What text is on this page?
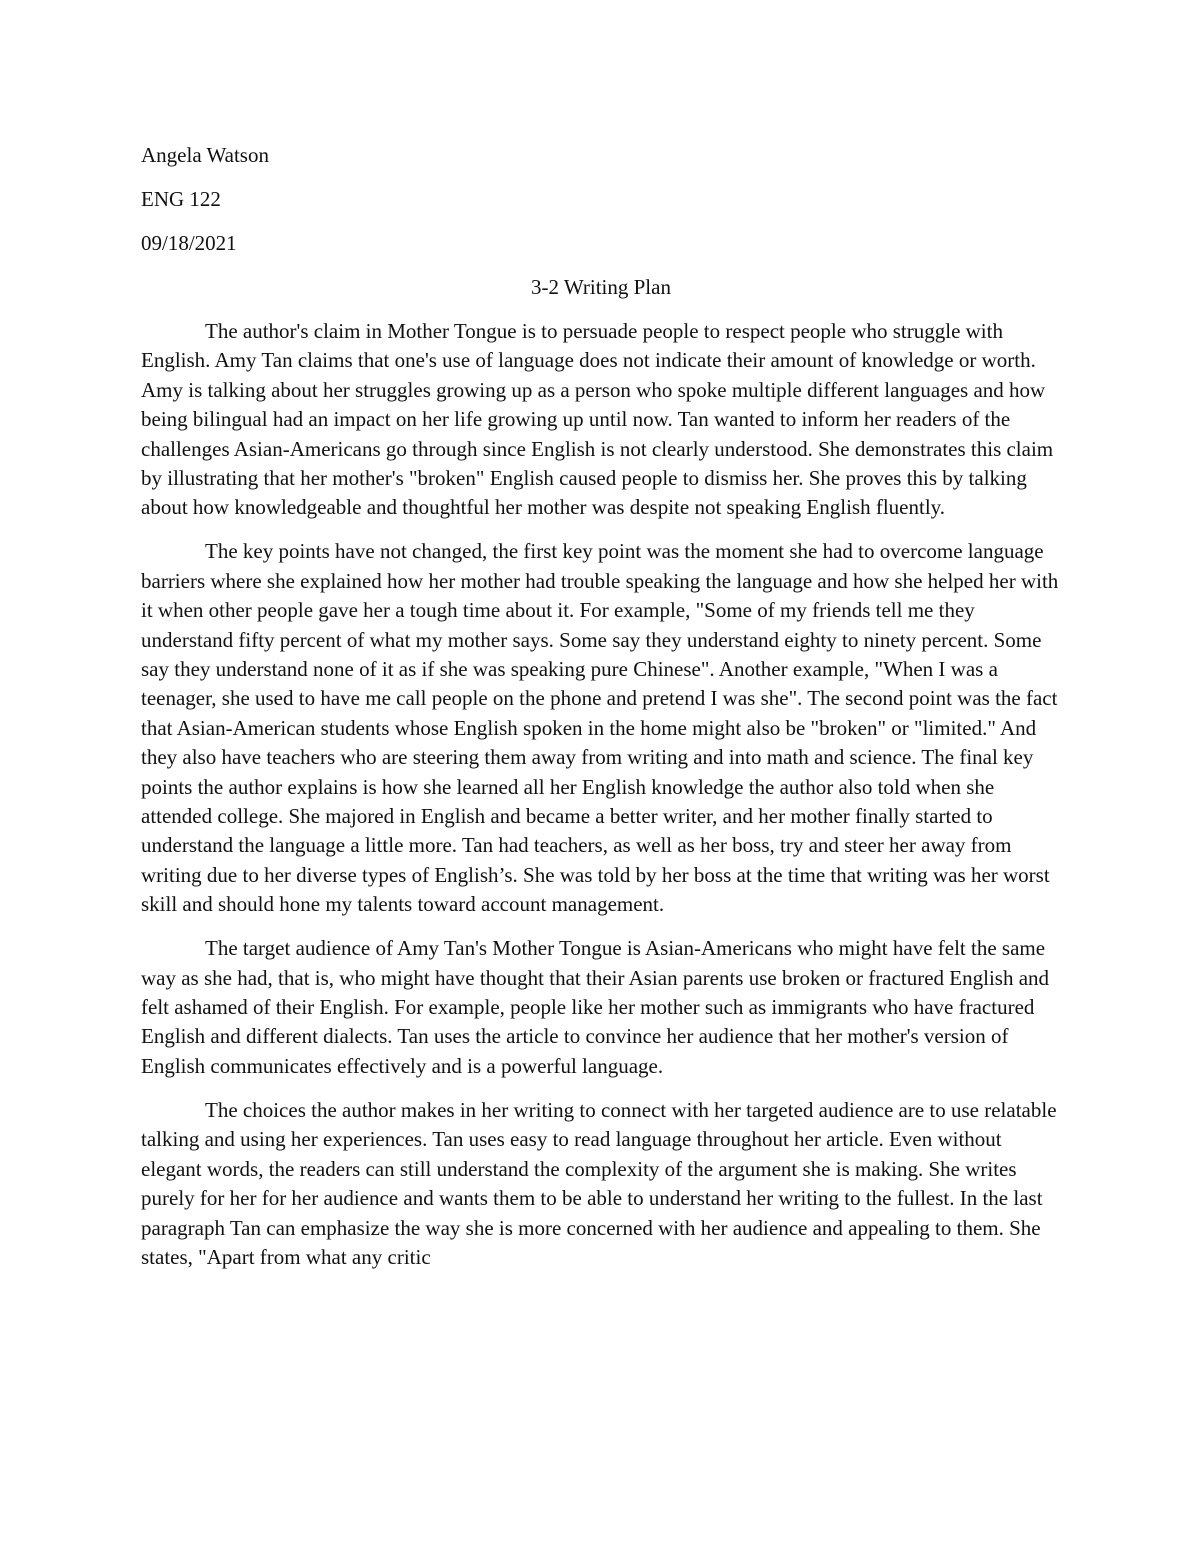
Angela Watson
ENG 122
09/18/2021
3-2 Writing Plan

The author's claim in Mother Tongue is to persuade people to respect people who struggle with English. Amy Tan claims that one's use of language does not indicate their amount of knowledge or worth. Amy is talking about her struggles growing up as a person who spoke multiple different languages and how being bilingual had an impact on her life growing up until now. Tan wanted to inform her readers of the challenges Asian-Americans go through since English is not clearly understood. She demonstrates this claim by illustrating that her mother's "broken" English caused people to dismiss her. She proves this by talking about how knowledgeable and thoughtful her mother was despite not speaking English fluently.

The key points have not changed, the first key point was the moment she had to overcome language barriers where she explained how her mother had trouble speaking the language and how she helped her with it when other people gave her a tough time about it. For example, "Some of my friends tell me they understand fifty percent of what my mother says. Some say they understand eighty to ninety percent. Some say they understand none of it as if she was speaking pure Chinese". Another example, "When I was a teenager, she used to have me call people on the phone and pretend I was she". The second point was the fact that Asian-American students whose English spoken in the home might also be "broken" or "limited." And they also have teachers who are steering them away from writing and into math and science. The final key points the author explains is how she learned all her English knowledge the author also told when she attended college. She majored in English and became a better writer, and her mother finally started to understand the language a little more. Tan had teachers, as well as her boss, try and steer her away from writing due to her diverse types of English’s. She was told by her boss at the time that writing was her worst skill and should hone my talents toward account management.

The target audience of Amy Tan's Mother Tongue is Asian-Americans who might have felt the same way as she had, that is, who might have thought that their Asian parents use broken or fractured English and felt ashamed of their English. For example, people like her mother such as immigrants who have fractured English and different dialects. Tan uses the article to convince her audience that her mother's version of English communicates effectively and is a powerful language.

The choices the author makes in her writing to connect with her targeted audience are to use relatable talking and using her experiences. Tan uses easy to read language throughout her article. Even without elegant words, the readers can still understand the complexity of the argument she is making. She writes purely for her for her audience and wants them to be able to understand her writing to the fullest. In the last paragraph Tan can emphasize the way she is more concerned with her audience and appealing to them. She states, "Apart from what any critic
